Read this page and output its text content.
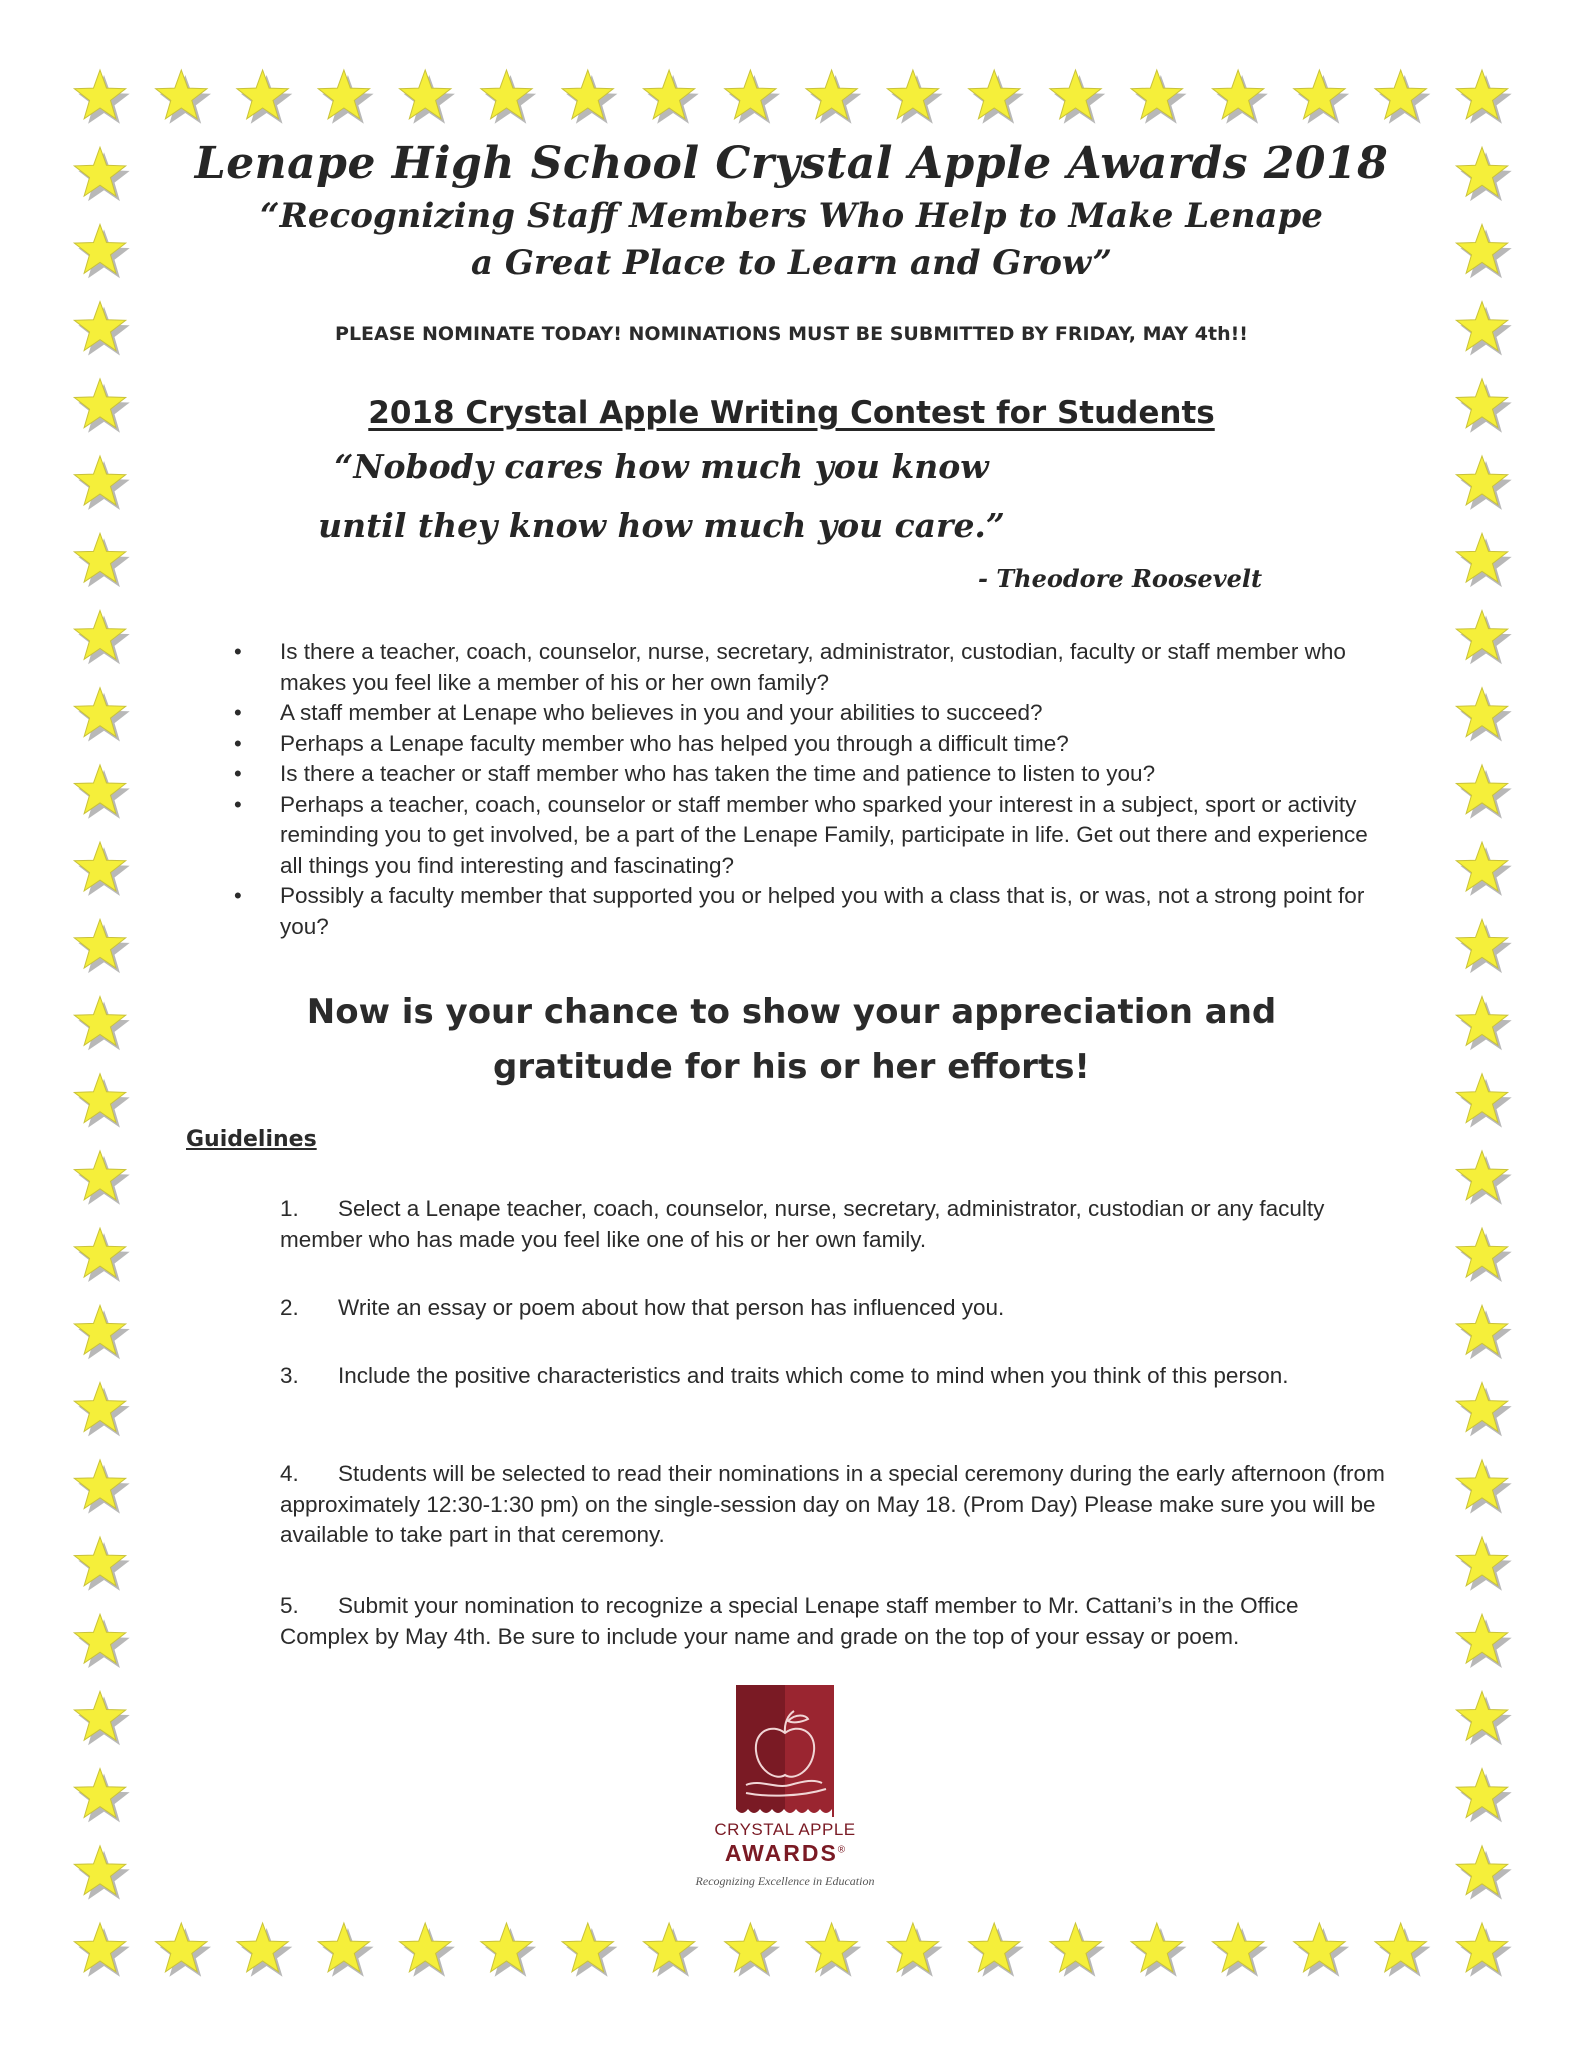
Lenape High School Crystal Apple Awards 2018
“Recognizing Staff Members Who Help to Make Lenape
a Great Place to Learn and Grow”
PLEASE NOMINATE TODAY! NOMINATIONS MUST BE SUBMITTED BY FRIDAY, MAY 4th!!
2018 Crystal Apple Writing Contest for Students
“Nobody cares how much you know
until they know how much you care.”
- Theodore Roosevelt
• Is there a teacher, coach, counselor, nurse, secretary, administrator, custodian, faculty or staff member who makes you feel like a member of his or her own family?
• A staff member at Lenape who believes in you and your abilities to succeed?
• Perhaps a Lenape faculty member who has helped you through a difficult time?
• Is there a teacher or staff member who has taken the time and patience to listen to you?
• Perhaps a teacher, coach, counselor or staff member who sparked your interest in a subject, sport or activity reminding you to get involved, be a part of the Lenape Family, participate in life. Get out there and experience all things you find interesting and fascinating?
• Possibly a faculty member that supported you or helped you with a class that is, or was, not a strong point for you?
Now is your chance to show your appreciation and
gratitude for his or her efforts!
Guidelines
1. Select a Lenape teacher, coach, counselor, nurse, secretary, administrator, custodian or any faculty member who has made you feel like one of his or her own family.
2. Write an essay or poem about how that person has influenced you.
3. Include the positive characteristics and traits which come to mind when you think of this person.
4. Students will be selected to read their nominations in a special ceremony during the early afternoon (from approximately 12:30-1:30 pm) on the single-session day on May 18. (Prom Day) Please make sure you will be available to take part in that ceremony.
5. Submit your nomination to recognize a special Lenape staff member to Mr. Cattani’s in the Office Complex by May 4th. Be sure to include your name and grade on the top of your essay or poem.
CRYSTAL APPLE
AWARDS®
Recognizing Excellence in Education
